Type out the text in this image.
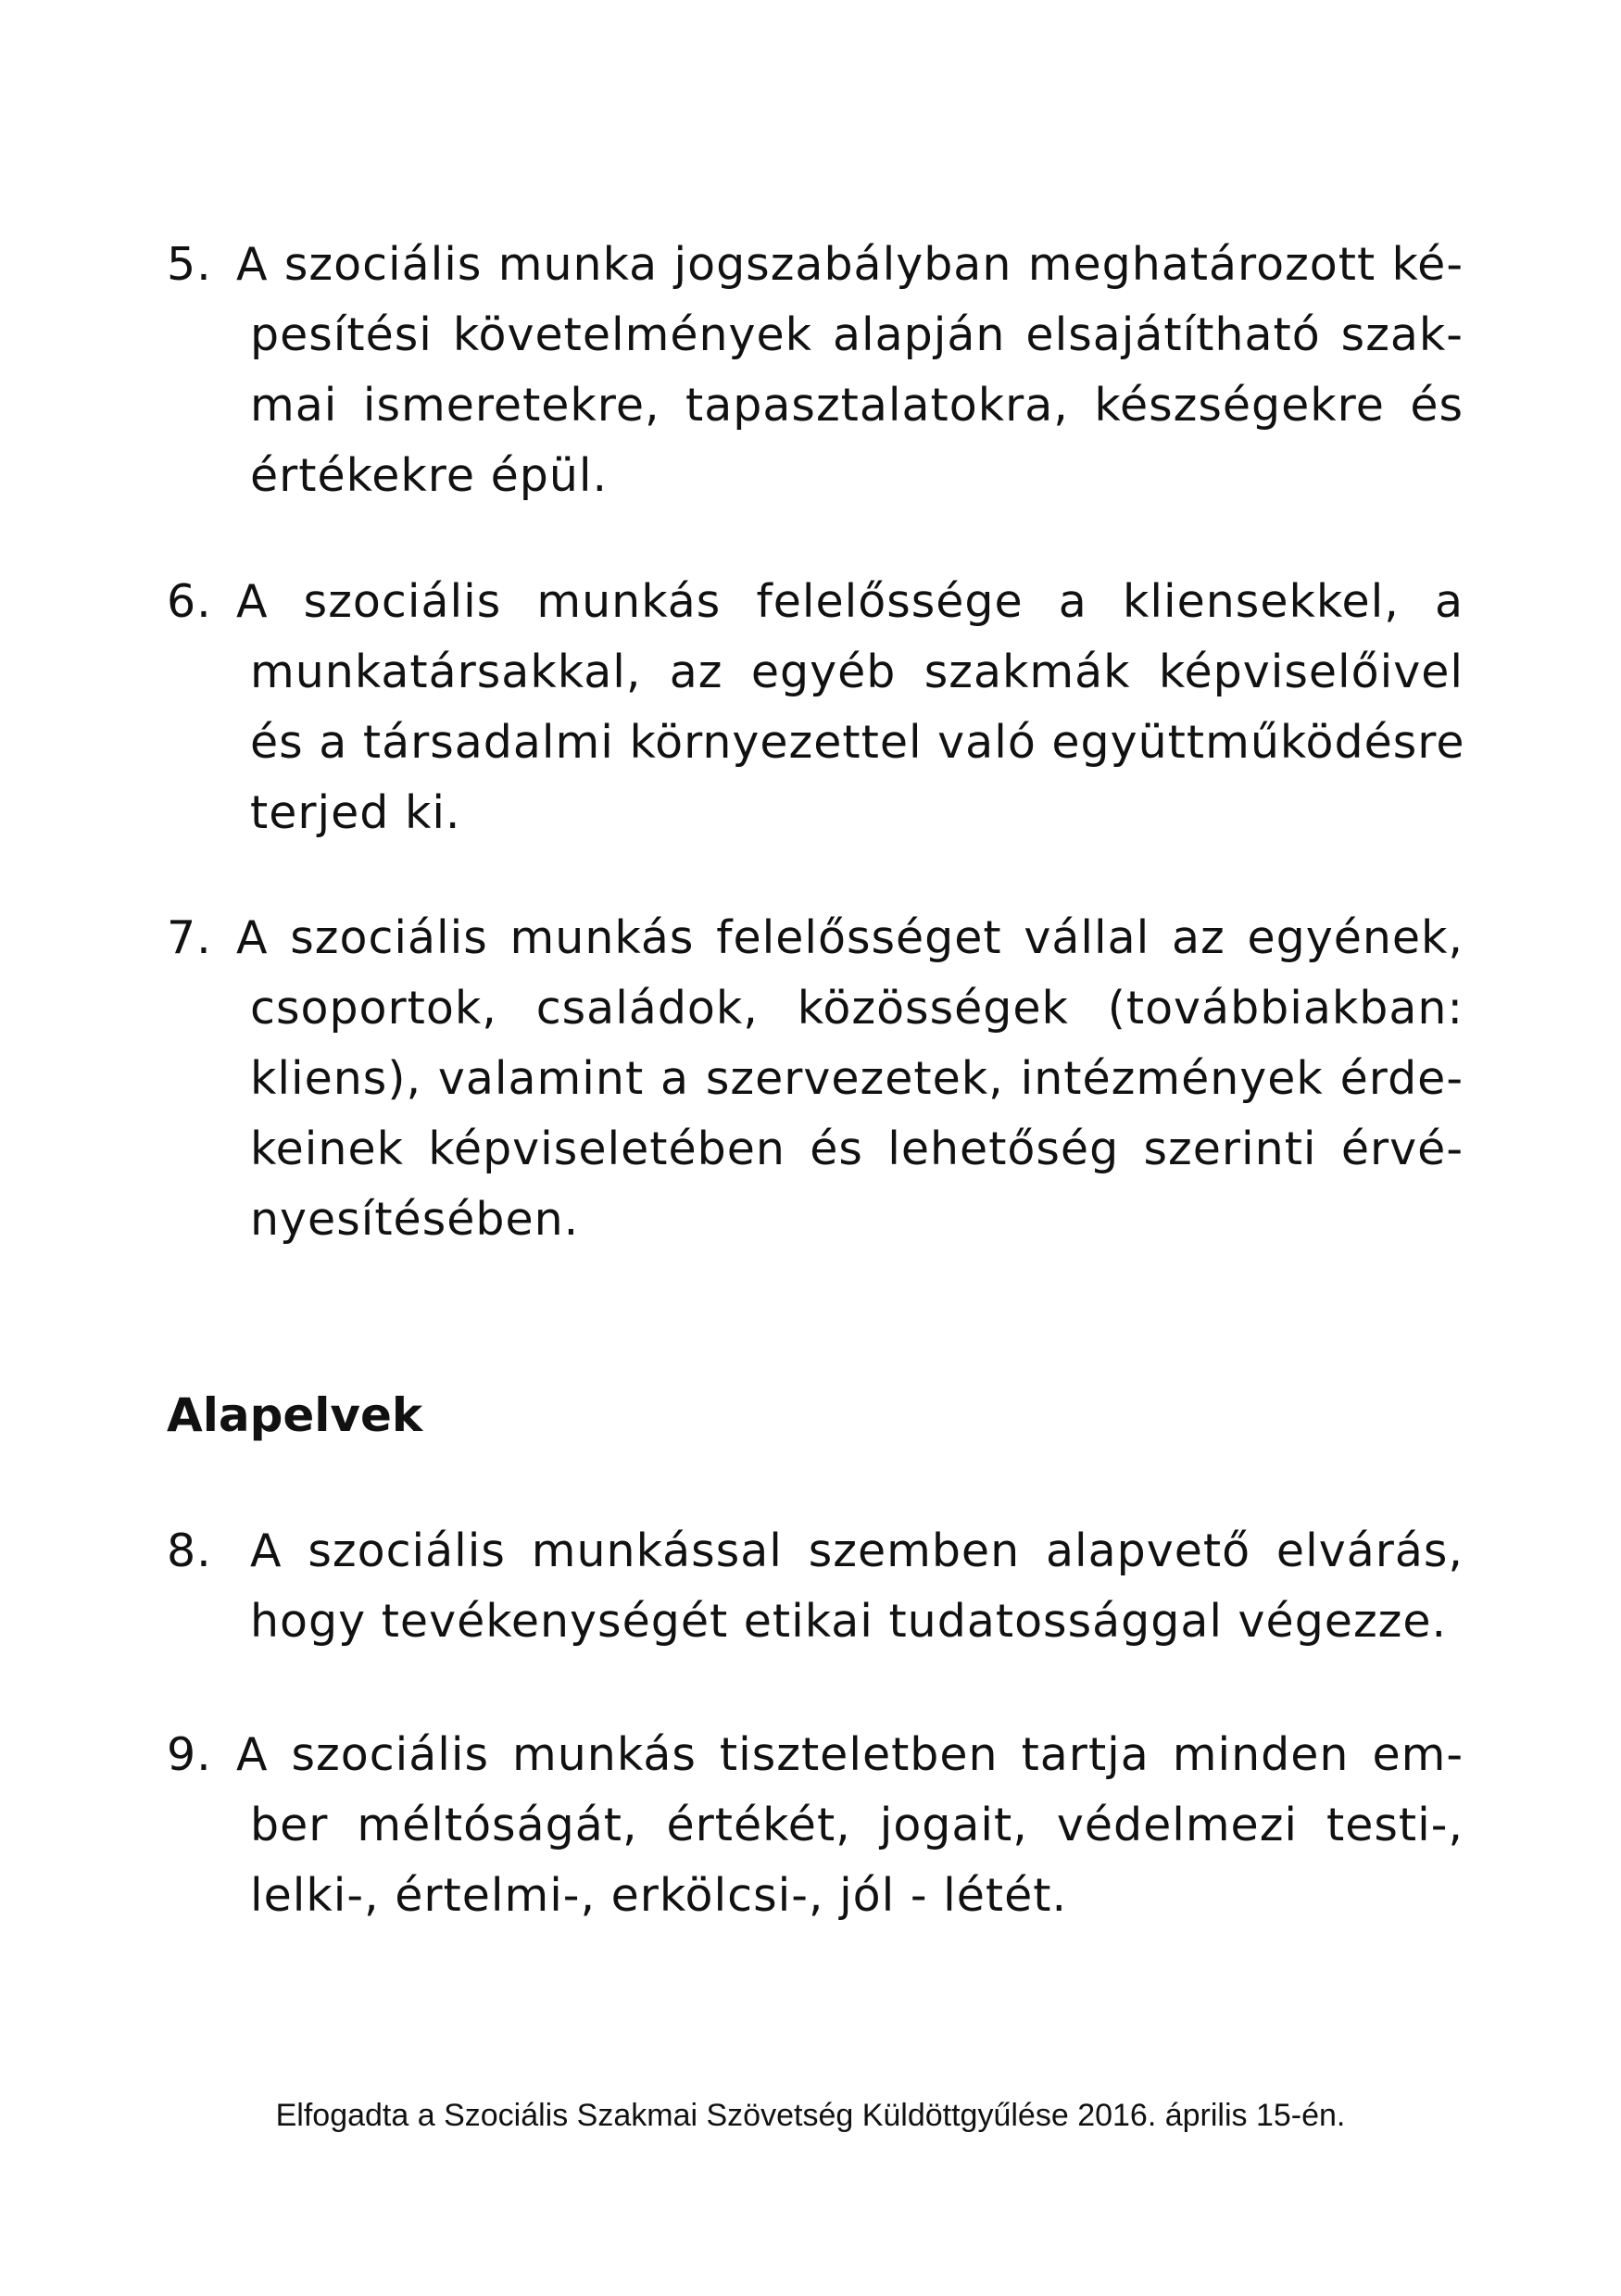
5. A szociális munka jogszabályban meghatározott ké-
pesítési követelmények alapján elsajátítható szak-
mai ismeretekre, tapasztalatokra, készségekre és
értékekre épül.
6. A szociális munkás felelőssége a kliensekkel, a
munkatársakkal, az egyéb szakmák képviselőivel
és a társadalmi környezettel való együttműködésre
terjed ki.
7. A szociális munkás felelősséget vállal az egyének,
csoportok, családok, közösségek (továbbiakban:
kliens), valamint a szervezetek, intézmények érde-
keinek képviseletében és lehetőség szerinti érvé-
nyesítésében.
Alapelvek
8. A szociális munkással szemben alapvető elvárás,
hogy tevékenységét etikai tudatossággal végezze.
9. A szociális munkás tiszteletben tartja minden em-
ber méltóságát, értékét, jogait, védelmezi testi-,
lelki-, értelmi-, erkölcsi-, jól - létét.
Elfogadta a Szociális Szakmai Szövetség Küldöttgyűlése 2016. április 15-én.
